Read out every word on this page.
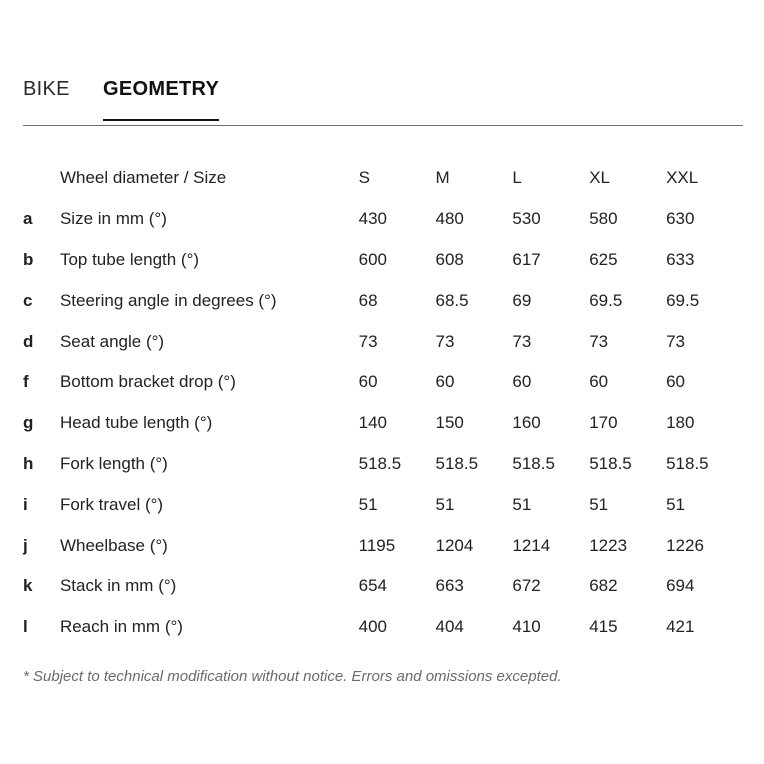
BIKE GEOMETRY
	Wheel diameter / Size	S	M	L	XL	XXL
a	Size in mm (°)	430	480	530	580	630
b	Top tube length (°)	600	608	617	625	633
c	Steering angle in degrees (°)	68	68.5	69	69.5	69.5
d	Seat angle (°)	73	73	73	73	73
f	Bottom bracket drop (°)	60	60	60	60	60
g	Head tube length (°)	140	150	160	170	180
h	Fork length (°)	518.5	518.5	518.5	518.5	518.5
i	Fork travel (°)	51	51	51	51	51
j	Wheelbase (°)	1195	1204	1214	1223	1226
k	Stack in mm (°)	654	663	672	682	694
l	Reach in mm (°)	400	404	410	415	421
* Subject to technical modification without notice. Errors and omissions excepted.
